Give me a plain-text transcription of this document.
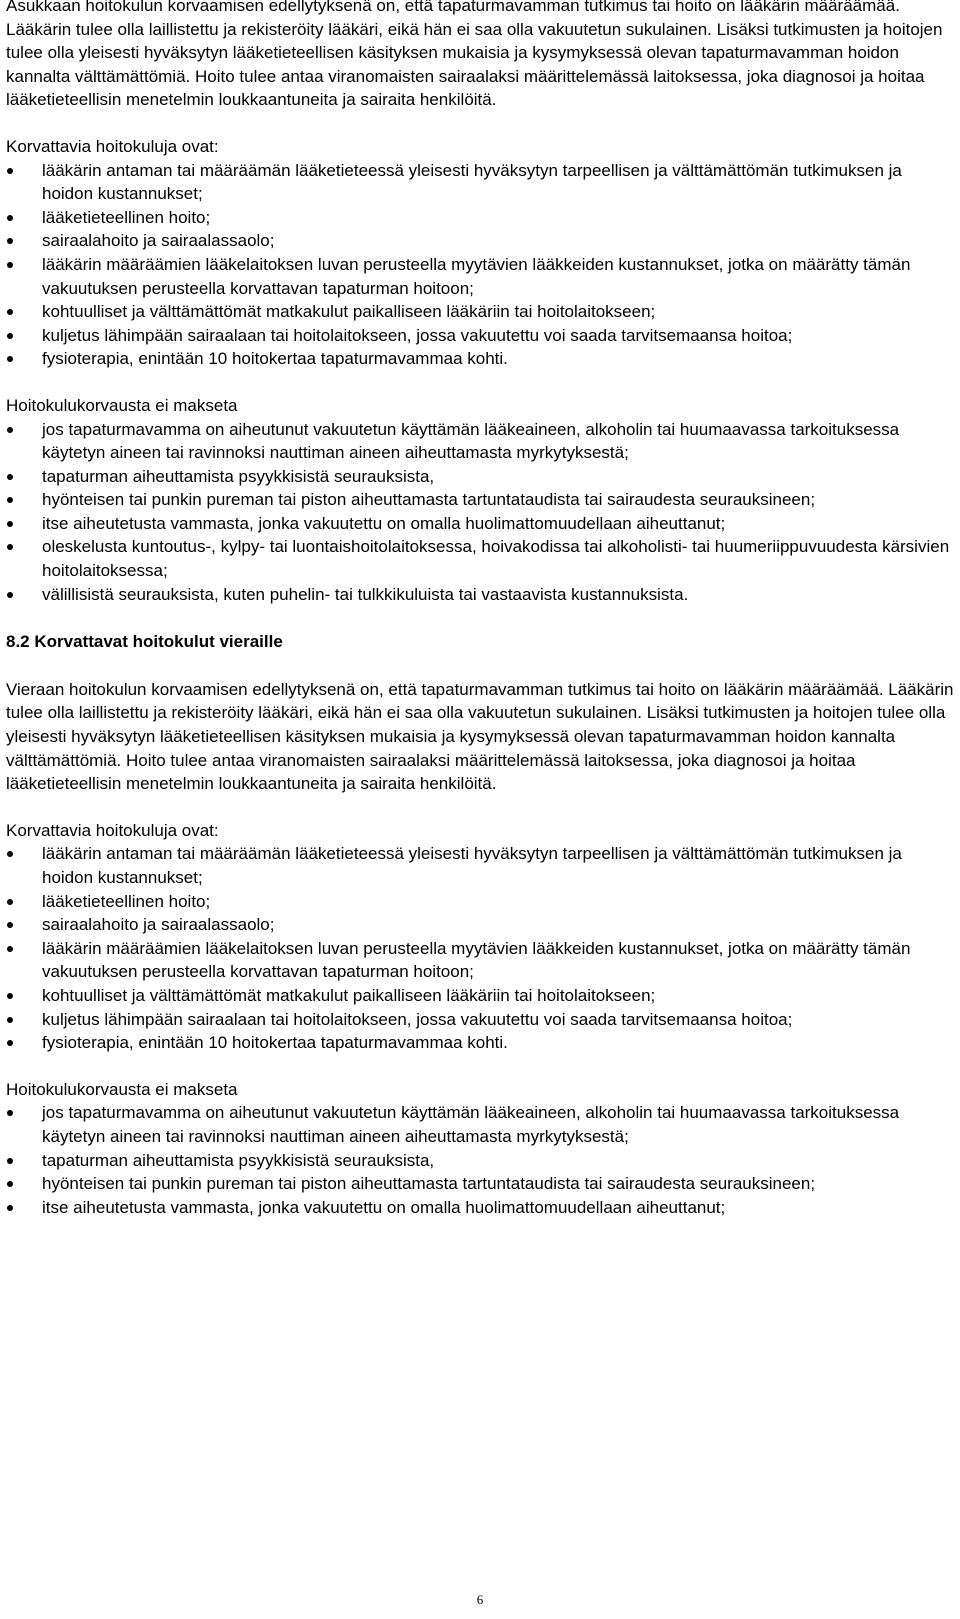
Asukkaan hoitokulun korvaamisen edellytyksenä on, että tapaturmavamman tutkimus tai hoito on lääkärin määräämää. Lääkärin tulee olla laillistettu ja rekisteröity lääkäri, eikä hän ei saa olla vakuutetun sukulainen. Lisäksi tutkimusten ja hoitojen tulee olla yleisesti hyväksytyn lääketieteellisen käsityksen mukaisia ja kysymyksessä olevan tapaturmavamman hoidon kannalta välttämättömiä. Hoito tulee antaa viranomaisten sairaalaksi määrittelemässä laitoksessa, joka diagnosoi ja hoitaa lääketieteellisin menetelmin loukkaantuneita ja sairaita henkilöitä.

Korvattavia hoitokuluja ovat:

lääkärin antaman tai määräämän lääketieteessä yleisesti hyväksytyn tarpeellisen ja välttämättömän tutkimuksen ja hoidon kustannukset;
lääketieteellinen hoito;
sairaalahoito ja sairaalassaolo;
lääkärin määräämien lääkelaitoksen luvan perusteella myytävien lääkkeiden kustannukset, jotka on määrätty tämän vakuutuksen perusteella korvattavan tapaturman hoitoon;
kohtuulliset ja välttämättömät matkakulut paikalliseen lääkäriin tai hoitolaitokseen;
kuljetus lähimpään sairaalaan tai hoitolaitokseen, jossa vakuutettu voi saada tarvitsemaansa hoitoa;
fysioterapia, enintään 10 hoitokertaa tapaturmavammaa kohti.

Hoitokulukorvausta ei makseta

jos tapaturmavamma on aiheutunut vakuutetun käyttämän lääkeaineen, alkoholin tai huumaavassa tarkoituksessa käytetyn aineen tai ravinnoksi nauttiman aineen aiheuttamasta myrkytyksestä;
tapaturman aiheuttamista psyykkisistä seurauksista,
hyönteisen tai punkin pureman tai piston aiheuttamasta tartuntataudista tai sairaudesta seurauksineen;
itse aiheutetusta vammasta, jonka vakuutettu on omalla huolimattomuudellaan aiheuttanut;
oleskelusta kuntoutus-, kylpy- tai luontaishoitolaitoksessa, hoivakodissa tai alkoholisti- tai huumeriippuvuudesta kärsivien hoitolaitoksessa;
välillisistä seurauksista, kuten puhelin- tai tulkkikuluista tai vastaavista kustannuksista.
8.2 Korvattavat hoitokulut vieraille

Vieraan hoitokulun korvaamisen edellytyksenä on, että tapaturmavamman tutkimus tai hoito on lääkärin määräämää. Lääkärin tulee olla laillistettu ja rekisteröity lääkäri, eikä hän ei saa olla vakuutetun sukulainen. Lisäksi tutkimusten ja hoitojen tulee olla yleisesti hyväksytyn lääketieteellisen käsityksen mukaisia ja kysymyksessä olevan tapaturmavamman hoidon kannalta välttämättömiä. Hoito tulee antaa viranomaisten sairaalaksi määrittelemässä laitoksessa, joka diagnosoi ja hoitaa lääketieteellisin menetelmin loukkaantuneita ja sairaita henkilöitä.

Korvattavia hoitokuluja ovat:

lääkärin antaman tai määräämän lääketieteessä yleisesti hyväksytyn tarpeellisen ja välttämättömän tutkimuksen ja hoidon kustannukset;
lääketieteellinen hoito;
sairaalahoito ja sairaalassaolo;
lääkärin määräämien lääkelaitoksen luvan perusteella myytävien lääkkeiden kustannukset, jotka on määrätty tämän vakuutuksen perusteella korvattavan tapaturman hoitoon;
kohtuulliset ja välttämättömät matkakulut paikalliseen lääkäriin tai hoitolaitokseen;
kuljetus lähimpään sairaalaan tai hoitolaitokseen, jossa vakuutettu voi saada tarvitsemaansa hoitoa;
fysioterapia, enintään 10 hoitokertaa tapaturmavammaa kohti.

Hoitokulukorvausta ei makseta

jos tapaturmavamma on aiheutunut vakuutetun käyttämän lääkeaineen, alkoholin tai huumaavassa tarkoituksessa käytetyn aineen tai ravinnoksi nauttiman aineen aiheuttamasta myrkytyksestä;
tapaturman aiheuttamista psyykkisistä seurauksista,
hyönteisen tai punkin pureman tai piston aiheuttamasta tartuntataudista tai sairaudesta seurauksineen;
itse aiheutetusta vammasta, jonka vakuutettu on omalla huolimattomuudellaan aiheuttanut;
6
